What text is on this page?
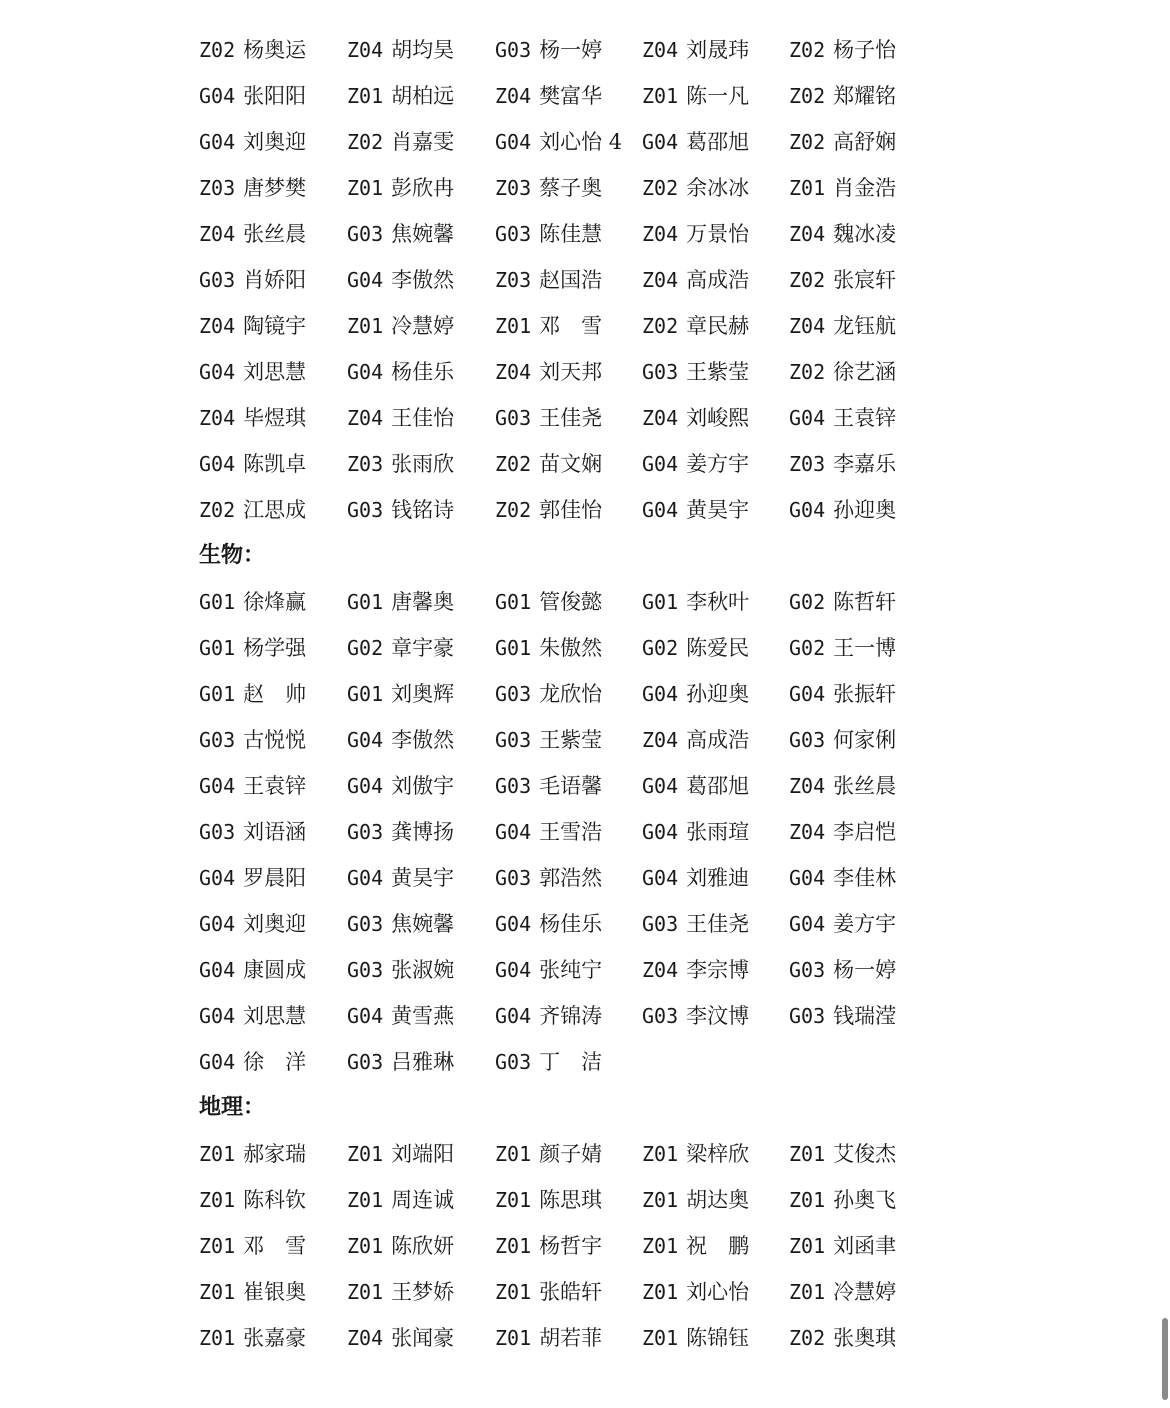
Z02 杨奥运 Z04 胡均昊 G03 杨一婷 Z04 刘晟玮 Z02 杨子怡
G04 张阳阳 Z01 胡柏远 Z04 樊富华 Z01 陈一凡 Z02 郑耀铭
G04 刘奥迎 Z02 肖嘉雯 G04 刘心怡 4 G04 葛邵旭 Z02 高舒娴
Z03 唐梦樊 Z01 彭欣冉 Z03 蔡子奥 Z02 余冰冰 Z01 肖金浩
Z04 张丝晨 G03 焦婉馨 G03 陈佳慧 Z04 万景怡 Z04 魏冰凌
G03 肖娇阳 G04 李傲然 Z03 赵国浩 Z04 高成浩 Z02 张宸轩
Z04 陶镜宇 Z01 冷慧婷 Z01 邓　雪 Z02 章民赫 Z04 龙钰航
G04 刘思慧 G04 杨佳乐 Z04 刘天邦 G03 王紫莹 Z02 徐艺涵
Z04 毕煜琪 Z04 王佳怡 G03 王佳尧 Z04 刘峻熙 G04 王袁锌
G04 陈凯卓 Z03 张雨欣 Z02 苗文娴 G04 姜方宇 Z03 李嘉乐
Z02 江思成 G03 钱铭诗 Z02 郭佳怡 G04 黄昊宇 G04 孙迎奥
生物：
G01 徐烽赢 G01 唐馨奥 G01 管俊懿 G01 李秋叶 G02 陈哲轩
G01 杨学强 G02 章宇豪 G01 朱傲然 G02 陈爱民 G02 王一博
G01 赵　帅 G01 刘奥辉 G03 龙欣怡 G04 孙迎奥 G04 张振轩
G03 古悦悦 G04 李傲然 G03 王紫莹 Z04 高成浩 G03 何家俐
G04 王袁锌 G04 刘傲宇 G03 毛语馨 G04 葛邵旭 Z04 张丝晨
G03 刘语涵 G03 龚博扬 G04 王雪浩 G04 张雨瑄 Z04 李启恺
G04 罗晨阳 G04 黄昊宇 G03 郭浩然 G04 刘雅迪 G04 李佳林
G04 刘奥迎 G03 焦婉馨 G04 杨佳乐 G03 王佳尧 G04 姜方宇
G04 康圆成 G03 张淑婉 G04 张纯宁 Z04 李宗博 G03 杨一婷
G04 刘思慧 G04 黄雪燕 G04 齐锦涛 G03 李汶博 G03 钱瑞滢
G04 徐　洋 G03 吕雅琳 G03 丁　洁
地理：
Z01 郝家瑞 Z01 刘端阳 Z01 颜子婧 Z01 梁梓欣 Z01 艾俊杰
Z01 陈科钦 Z01 周连诚 Z01 陈思琪 Z01 胡达奥 Z01 孙奥飞
Z01 邓　雪 Z01 陈欣妍 Z01 杨哲宇 Z01 祝　鹏 Z01 刘函聿
Z01 崔银奥 Z01 王梦娇 Z01 张皓轩 Z01 刘心怡 Z01 冷慧婷
Z01 张嘉豪 Z04 张闻豪 Z01 胡若菲 Z01 陈锦钰 Z02 张奥琪
